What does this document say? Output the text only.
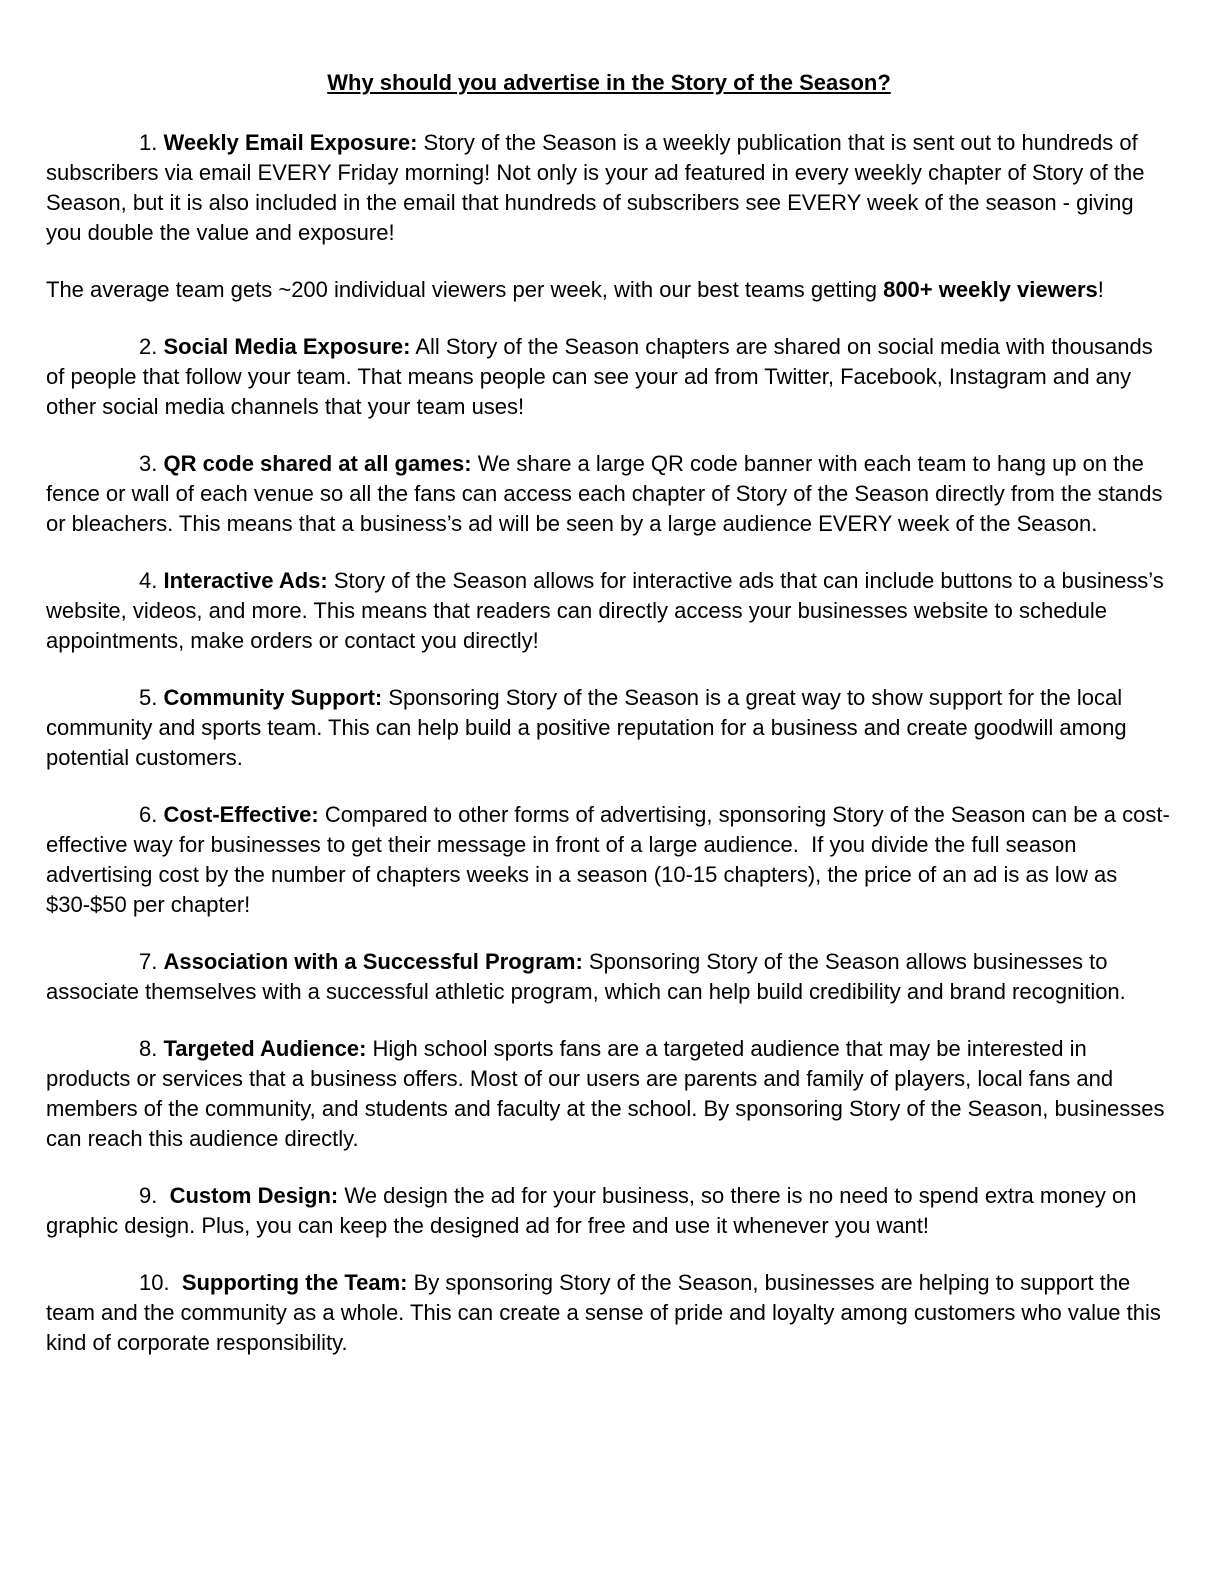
Why should you advertise in the Story of the Season?

1. Weekly Email Exposure: Story of the Season is a weekly publication that is sent out to hundreds of subscribers via email EVERY Friday morning! Not only is your ad featured in every weekly chapter of Story of the Season, but it is also included in the email that hundreds of subscribers see EVERY week of the season - giving you double the value and exposure!

The average team gets ~200 individual viewers per week, with our best teams getting 800+ weekly viewers!

2. Social Media Exposure: All Story of the Season chapters are shared on social media with thousands of people that follow your team. That means people can see your ad from Twitter, Facebook, Instagram and any other social media channels that your team uses!

3. QR code shared at all games: We share a large QR code banner with each team to hang up on the fence or wall of each venue so all the fans can access each chapter of Story of the Season directly from the stands or bleachers. This means that a business’s ad will be seen by a large audience EVERY week of the Season.

4. Interactive Ads: Story of the Season allows for interactive ads that can include buttons to a business’s website, videos, and more. This means that readers can directly access your businesses website to schedule appointments, make orders or contact you directly!

5. Community Support: Sponsoring Story of the Season is a great way to show support for the local community and sports team. This can help build a positive reputation for a business and create goodwill among potential customers.

6. Cost-Effective: Compared to other forms of advertising, sponsoring Story of the Season can be a cost-effective way for businesses to get their message in front of a large audience.  If you divide the full season advertising cost by the number of chapters weeks in a season (10-15 chapters), the price of an ad is as low as $30-$50 per chapter!

7. Association with a Successful Program: Sponsoring Story of the Season allows businesses to associate themselves with a successful athletic program, which can help build credibility and brand recognition.

8. Targeted Audience: High school sports fans are a targeted audience that may be interested in products or services that a business offers. Most of our users are parents and family of players, local fans and members of the community, and students and faculty at the school. By sponsoring Story of the Season, businesses can reach this audience directly.

9.  Custom Design: We design the ad for your business, so there is no need to spend extra money on graphic design. Plus, you can keep the designed ad for free and use it whenever you want!

10.  Supporting the Team: By sponsoring Story of the Season, businesses are helping to support the team and the community as a whole. This can create a sense of pride and loyalty among customers who value this kind of corporate responsibility.
